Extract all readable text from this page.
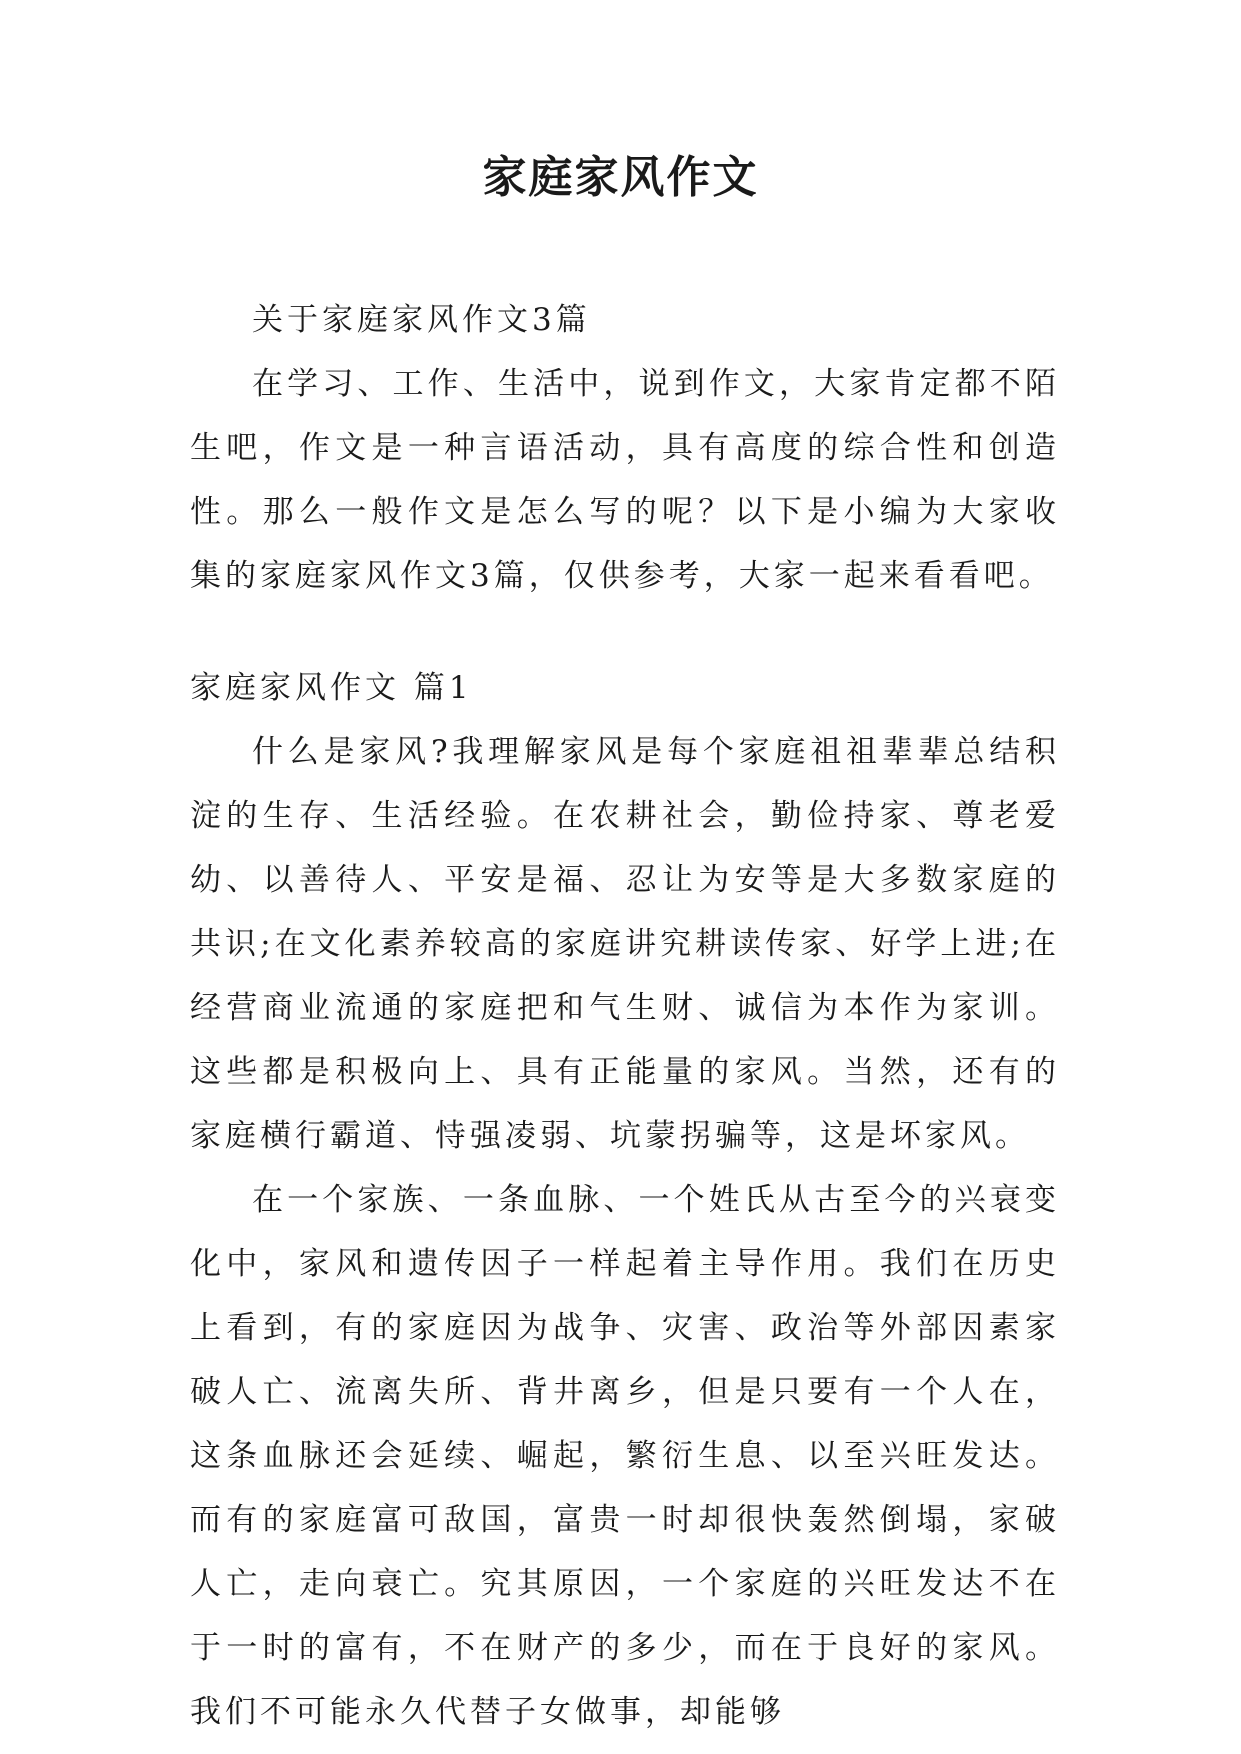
家庭家风作文

关于家庭家风作文3篇

在学习、工作、生活中，说到作文，大家肯定都不陌生吧，作文是一种言语活动，具有高度的综合性和创造性。那么一般作文是怎么写的呢？以下是小编为大家收集的家庭家风作文3篇，仅供参考，大家一起来看看吧。

家庭家风作文 篇1

什么是家风?我理解家风是每个家庭祖祖辈辈总结积淀的生存、生活经验。在农耕社会，勤俭持家、尊老爱幼、以善待人、平安是福、忍让为安等是大多数家庭的共识;在文化素养较高的家庭讲究耕读传家、好学上进;在经营商业流通的家庭把和气生财、诚信为本作为家训。这些都是积极向上、具有正能量的家风。当然，还有的家庭横行霸道、恃强凌弱、坑蒙拐骗等，这是坏家风。

在一个家族、一条血脉、一个姓氏从古至今的兴衰变化中，家风和遗传因子一样起着主导作用。我们在历史上看到，有的家庭因为战争、灾害、政治等外部因素家破人亡、流离失所、背井离乡，但是只要有一个人在，这条血脉还会延续、崛起，繁衍生息、以至兴旺发达。而有的家庭富可敌国，富贵一时却很快轰然倒塌，家破人亡，走向衰亡。究其原因，一个家庭的兴旺发达不在于一时的富有，不在财产的多少，而在于良好的家风。我们不可能永久代替子女做事，却能够
